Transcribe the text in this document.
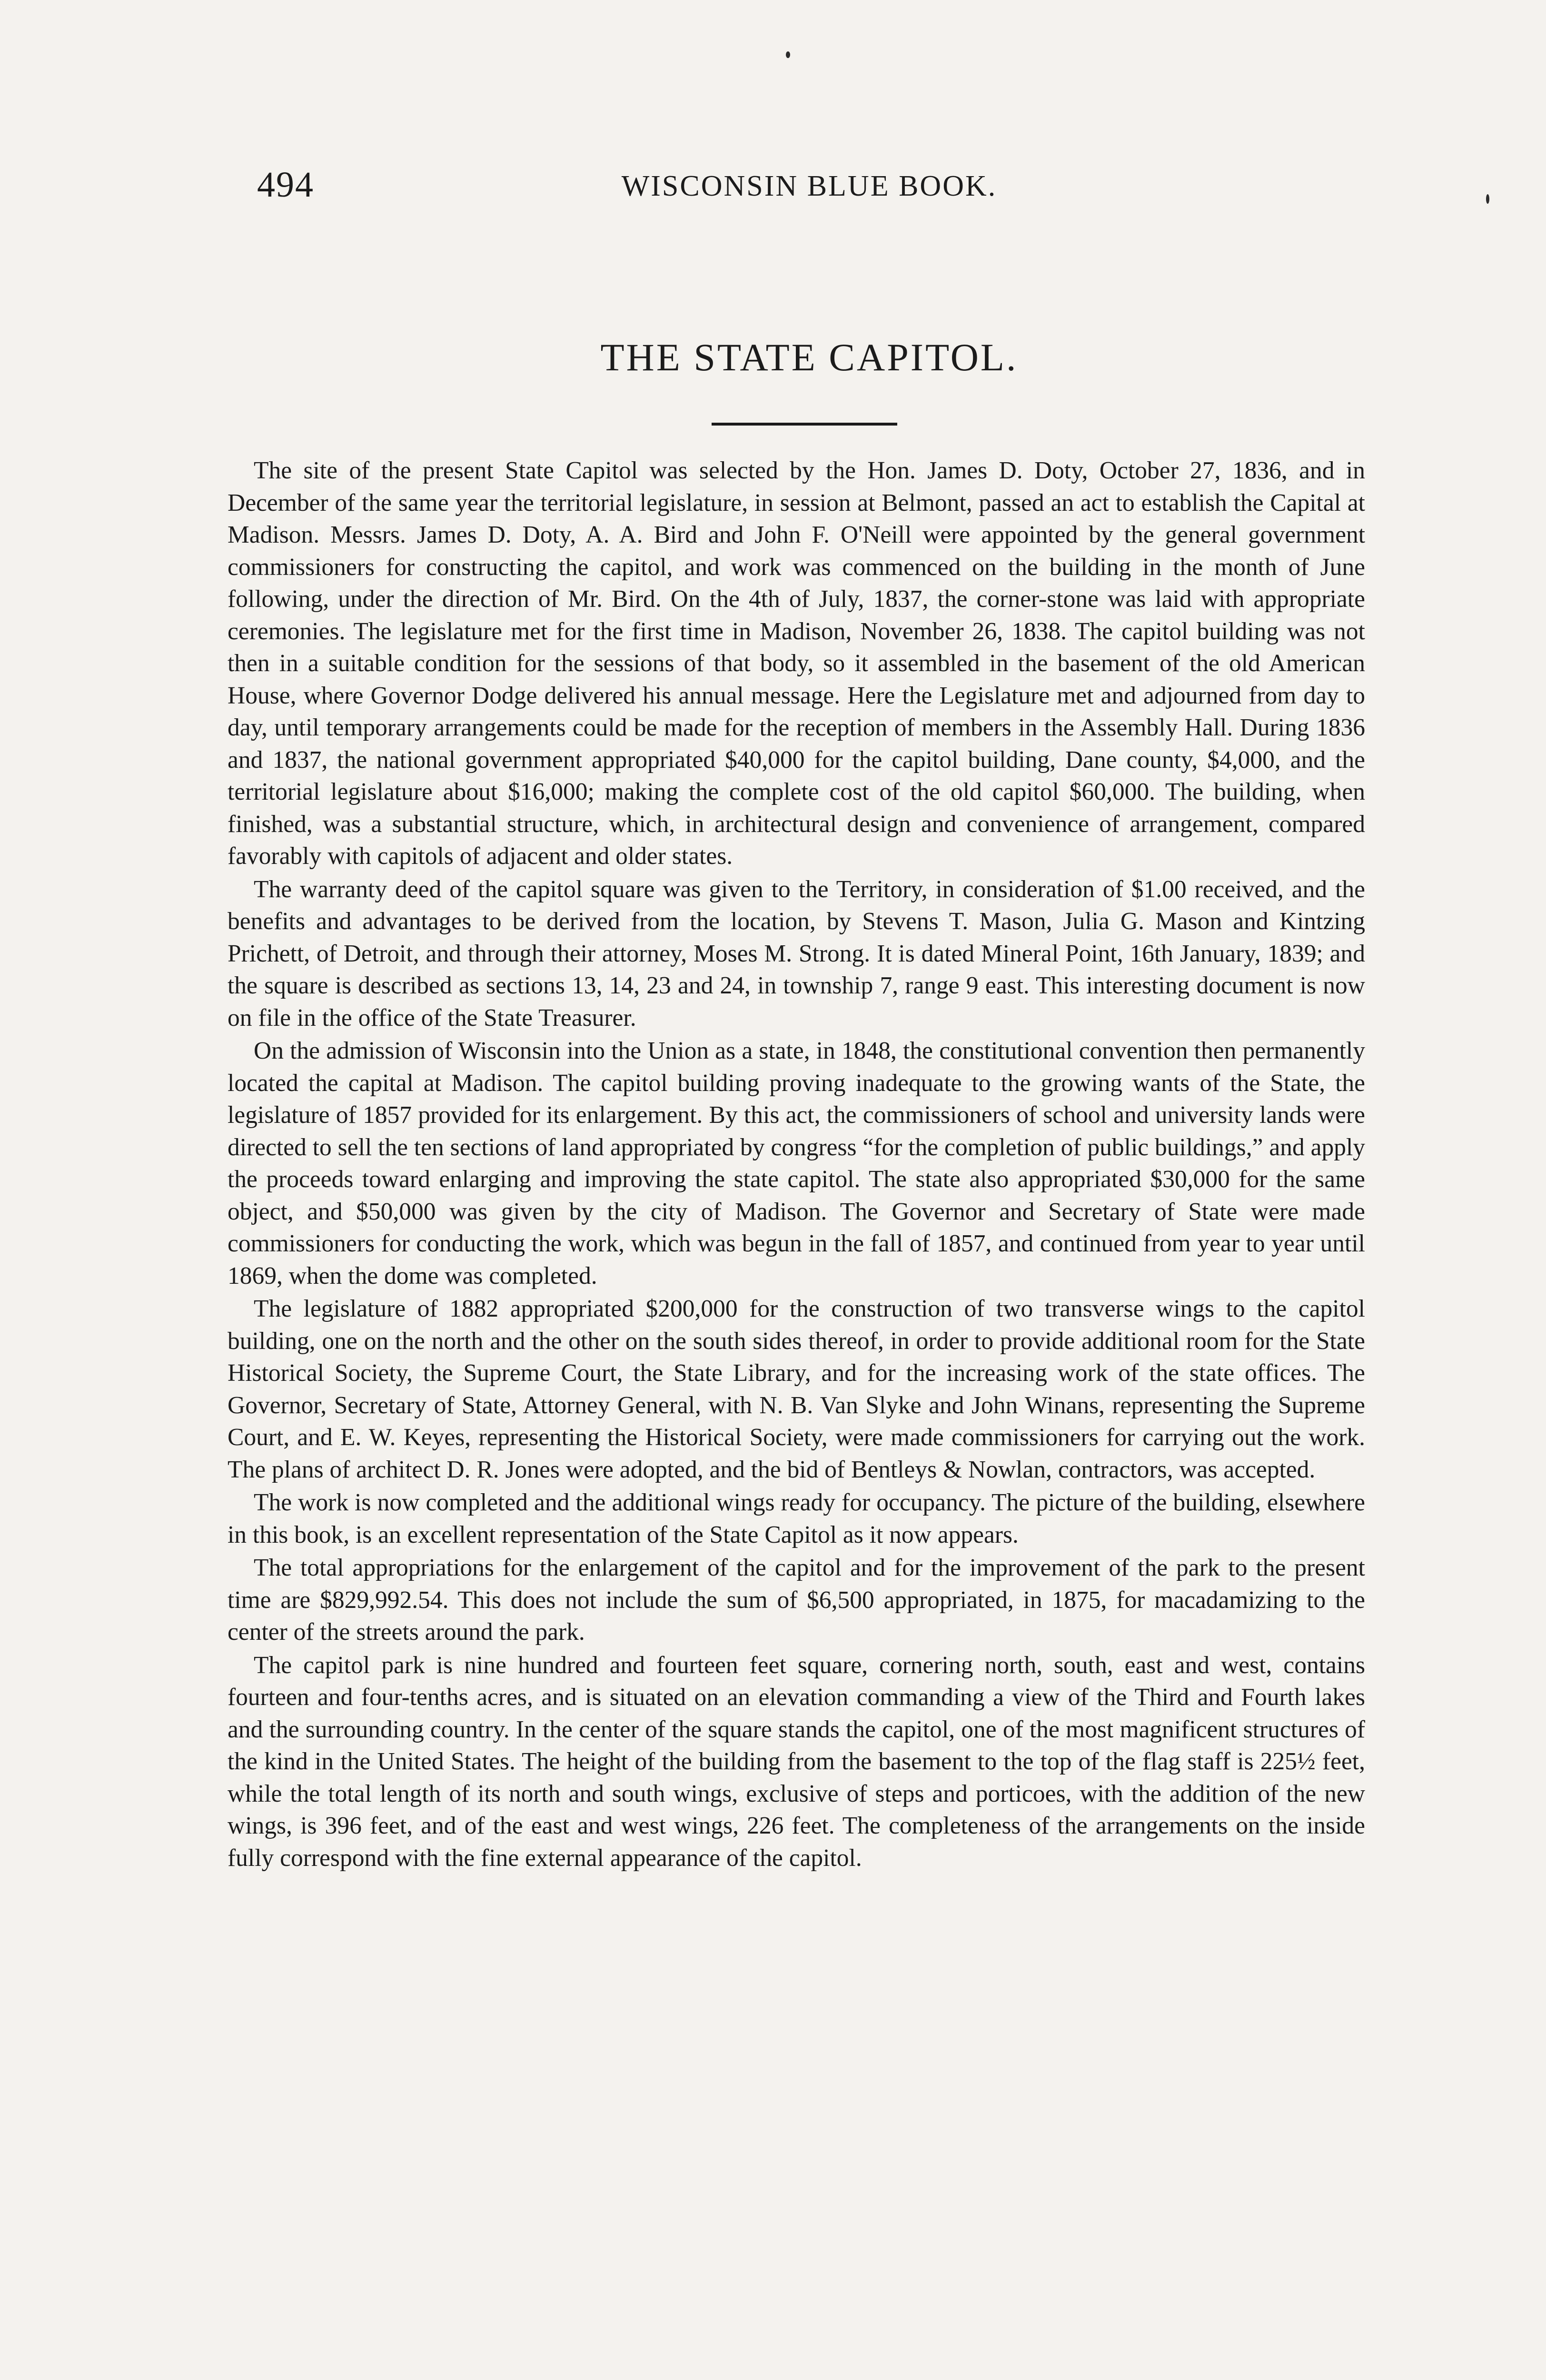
494	WISCONSIN BLUE BOOK.
THE STATE CAPITOL.

The site of the present State Capitol was selected by the Hon. James D. Doty, October 27, 1836, and in December of the same year the territorial legislature, in session at Belmont, passed an act to establish the Capital at Madison. Messrs. James D. Doty, A. A. Bird and John F. O'Neill were appointed by the general government commissioners for constructing the capitol, and work was commenced on the building in the month of June following, under the direction of Mr. Bird. On the 4th of July, 1837, the corner-stone was laid with appropriate ceremonies. The legislature met for the first time in Madison, November 26, 1838. The capitol building was not then in a suitable condition for the sessions of that body, so it assembled in the basement of the old American House, where Governor Dodge delivered his annual message. Here the Legislature met and adjourned from day to day, until temporary arrangements could be made for the reception of members in the Assembly Hall. During 1836 and 1837, the national government appropriated $40,000 for the capitol building, Dane county, $4,000, and the territorial legislature about $16,000; making the complete cost of the old capitol $60,000. The building, when finished, was a substantial structure, which, in architectural design and convenience of arrangement, compared favorably with capitols of adjacent and older states.

The warranty deed of the capitol square was given to the Territory, in consideration of $1.00 received, and the benefits and advantages to be derived from the location, by Stevens T. Mason, Julia G. Mason and Kintzing Prichett, of Detroit, and through their attorney, Moses M. Strong. It is dated Mineral Point, 16th January, 1839; and the square is described as sections 13, 14, 23 and 24, in township 7, range 9 east. This interesting document is now on file in the office of the State Treasurer.

On the admission of Wisconsin into the Union as a state, in 1848, the constitutional convention then permanently located the capital at Madison. The capitol building proving inadequate to the growing wants of the State, the legislature of 1857 provided for its enlargement. By this act, the commissioners of school and university lands were directed to sell the ten sections of land appropriated by congress “for the completion of public buildings,” and apply the proceeds toward enlarging and improving the state capitol. The state also appropriated $30,000 for the same object, and $50,000 was given by the city of Madison. The Governor and Secretary of State were made commissioners for conducting the work, which was begun in the fall of 1857, and continued from year to year until 1869, when the dome was completed.

The legislature of 1882 appropriated $200,000 for the construction of two transverse wings to the capitol building, one on the north and the other on the south sides thereof, in order to provide additional room for the State Historical Society, the Supreme Court, the State Library, and for the increasing work of the state offices. The Governor, Secretary of State, Attorney General, with N. B. Van Slyke and John Winans, representing the Supreme Court, and E. W. Keyes, representing the Historical Society, were made commissioners for carrying out the work. The plans of architect D. R. Jones were adopted, and the bid of Bentleys & Nowlan, contractors, was accepted.

The work is now completed and the additional wings ready for occupancy. The picture of the building, elsewhere in this book, is an excellent representation of the State Capitol as it now appears.

The total appropriations for the enlargement of the capitol and for the improvement of the park to the present time are $829,992.54. This does not include the sum of $6,500 appropriated, in 1875, for macadamizing to the center of the streets around the park.

The capitol park is nine hundred and fourteen feet square, cornering north, south, east and west, contains fourteen and four-tenths acres, and is situated on an elevation commanding a view of the Third and Fourth lakes and the surrounding country. In the center of the square stands the capitol, one of the most magnificent structures of the kind in the United States. The height of the building from the basement to the top of the flag staff is 225½ feet, while the total length of its north and south wings, exclusive of steps and porticoes, with the addition of the new wings, is 396 feet, and of the east and west wings, 226 feet. The completeness of the arrangements on the inside fully correspond with the fine external appearance of the capitol.
